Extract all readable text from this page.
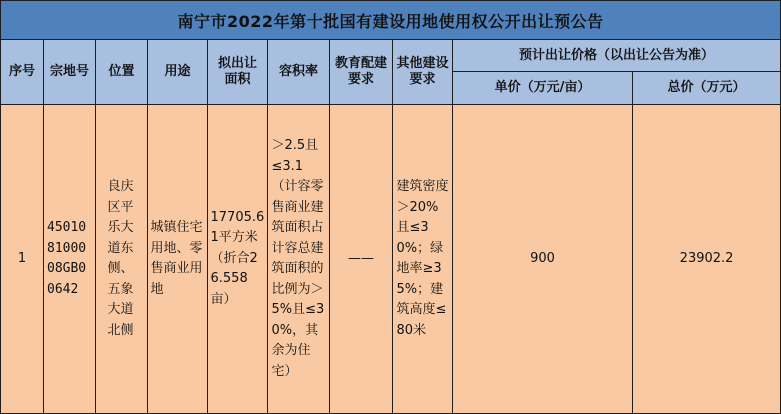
南宁市2022年第十批国有建设用地使用权公开出让预公告									
序号	宗地号	位置	用途	拟出让面积	容积率	教育配建要求	其他建设要求	预计出让价格（以出让公告为准）	
								单价（万元/亩）	总价（万元）
1	450108100008GB00642	良庆区平乐大道东侧、五象大道北侧	城镇住宅用地、零售商业用地	17705.61平方米（折合26.558亩）	＞2.5且≤3.1（计容零售商业建筑面积占计容总建筑面积的比例为＞5%且≤30%，其余为住宅）	——	建筑密度＞20%且≤30%；绿地率≥35%；建筑高度≤80米	900	23902.2
